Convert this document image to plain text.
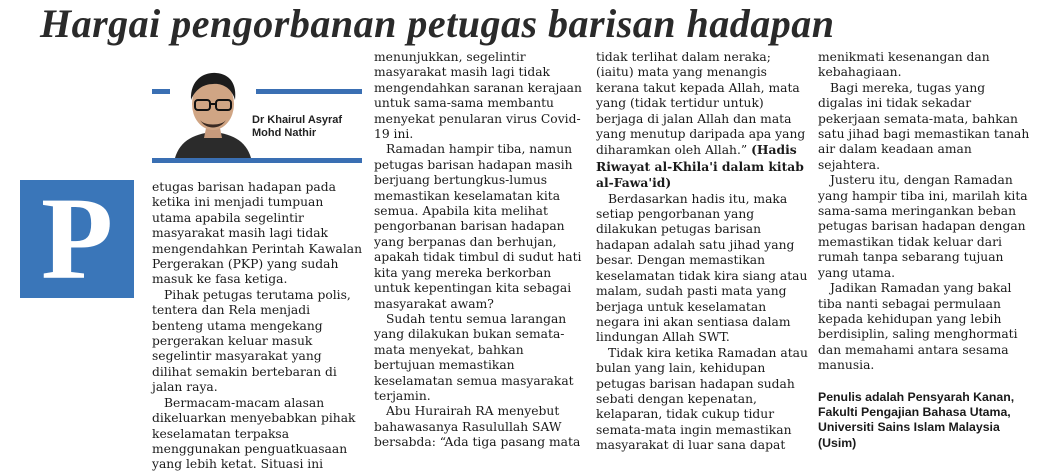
Hargai pengorbanan petugas barisan hadapan
Dr Khairul Asyraf
Mohd Nathir
P	etugas barisan hadapan pada ketika ini menjadi tumpuan utama apabila segelintir masyarakat masih lagi tidak mengendahkan Perintah Kawalan Pergerakan (PKP) yang sudah masuk ke fasa ketiga.

Pihak petugas terutama polis, tentera dan Rela menjadi benteng utama mengekang pergerakan keluar masuk segelintir masyarakat yang dilihat semakin bertebaran di jalan raya.

Bermacam-macam alasan dikeluarkan menyebabkan pihak keselamatan terpaksa menggunakan penguatkuasaan yang lebih ketat. Situasi ini

menunjukkan, segelintir masyarakat masih lagi tidak mengendahkan saranan kerajaan untuk sama-sama membantu menyekat penularan virus Covid-19 ini.

Ramadan hampir tiba, namun petugas barisan hadapan masih berjuang bertungkus-lumus memastikan keselamatan kita semua. Apabila kita melihat pengorbanan barisan hadapan yang berpanas dan berhujan, apakah tidak timbul di sudut hati kita yang mereka berkorban untuk kepentingan kita sebagai masyarakat awam?

Sudah tentu semua larangan yang dilakukan bukan semata-mata menyekat, bahkan bertujuan memastikan keselamatan semua masyarakat terjamin.

Abu Hurairah RA menyebut bahawasanya Rasulullah SAW bersabda: “Ada tiga pasang mata

tidak terlihat dalam neraka; (iaitu) mata yang menangis kerana takut kepada Allah, mata yang (tidak tertidur untuk) berjaga di jalan Allah dan mata yang menutup daripada apa yang diharamkan oleh Allah.” (Hadis Riwayat al-Khila'i dalam kitab al-Fawa'id)

Berdasarkan hadis itu, maka setiap pengorbanan yang dilakukan petugas barisan hadapan adalah satu jihad yang besar. Dengan memastikan keselamatan tidak kira siang atau malam, sudah pasti mata yang berjaga untuk keselamatan negara ini akan sentiasa dalam lindungan Allah SWT.

Tidak kira ketika Ramadan atau bulan yang lain, kehidupan petugas barisan hadapan sudah sebati dengan kepenatan, kelaparan, tidak cukup tidur semata-mata ingin memastikan masyarakat di luar sana dapat

menikmati kesenangan dan kebahagiaan.

Bagi mereka, tugas yang digalas ini tidak sekadar pekerjaan semata-mata, bahkan satu jihad bagi memastikan tanah air dalam keadaan aman sejahtera.

Justeru itu, dengan Ramadan yang hampir tiba ini, marilah kita sama-sama meringankan beban petugas barisan hadapan dengan memastikan tidak keluar dari rumah tanpa sebarang tujuan yang utama.

Jadikan Ramadan yang bakal tiba nanti sebagai permulaan kepada kehidupan yang lebih berdisiplin, saling menghormati dan memahami antara sesama manusia.

Penulis adalah Pensyarah Kanan, Fakulti Pengajian Bahasa Utama, Universiti Sains Islam Malaysia (Usim)
